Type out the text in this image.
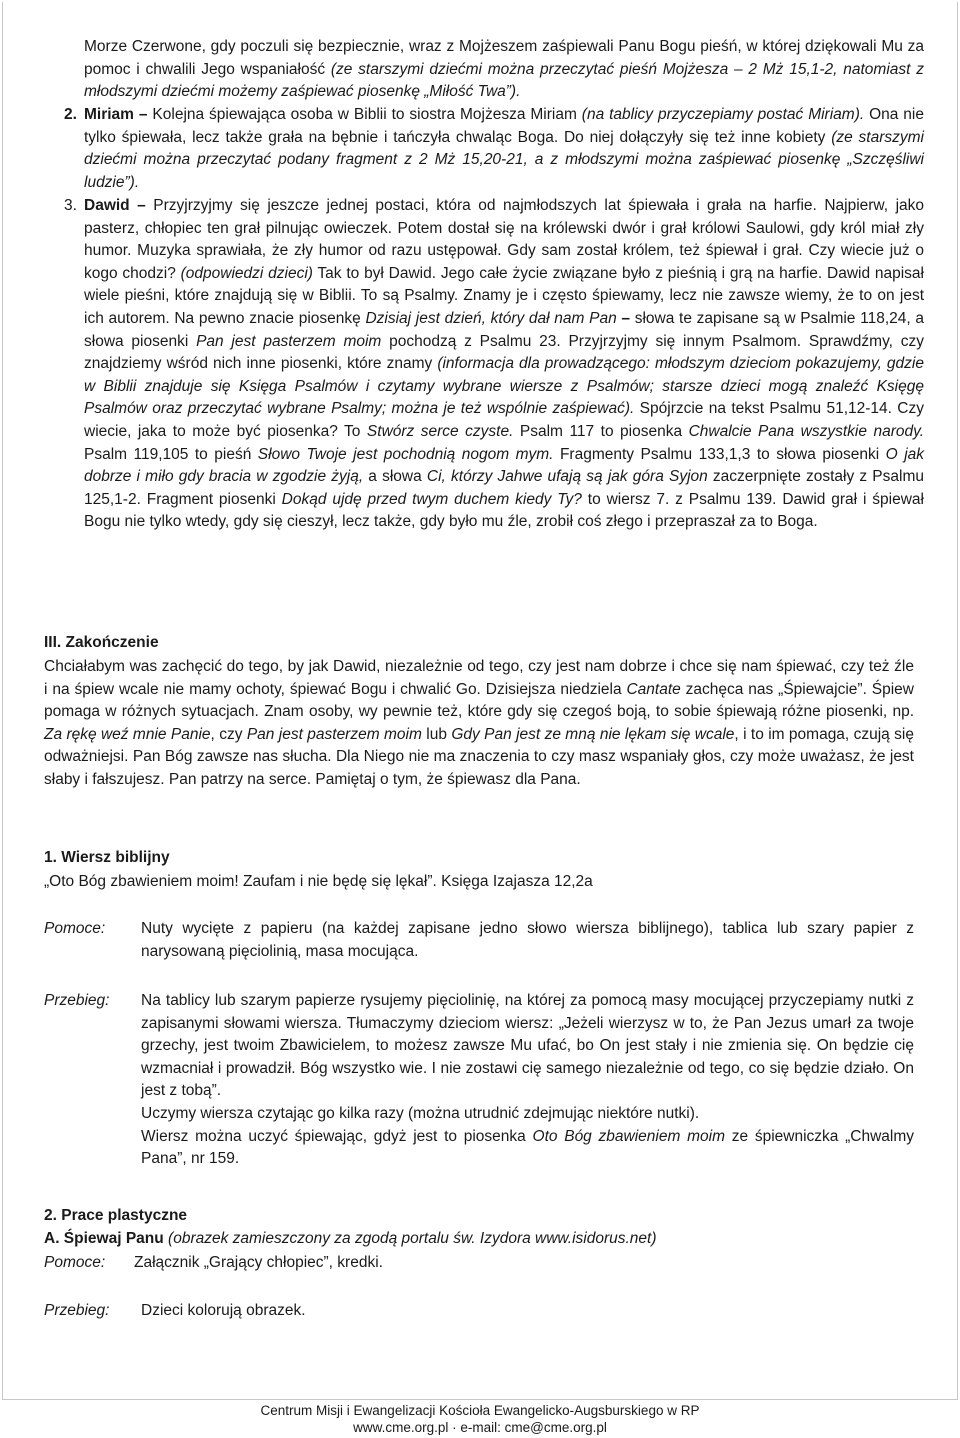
Morze Czerwone, gdy poczuli się bezpiecznie, wraz z Mojżeszem zaśpiewali Panu Bogu pieśń, w której dziękowali Mu za pomoc i chwalili Jego wspaniałość (ze starszymi dziećmi można przeczytać pieśń Mojżesza – 2 Mż 15,1-2, natomiast z młodszymi dziećmi możemy zaśpiewać piosenkę „Miłość Twa”).

2. Miriam – Kolejna śpiewająca osoba w Biblii to siostra Mojżesza Miriam (na tablicy przyczepiamy postać Miriam). Ona nie tylko śpiewała, lecz także grała na bębnie i tańczyła chwaląc Boga. Do niej dołączyły się też inne kobiety (ze starszymi dziećmi można przeczytać podany fragment z 2 Mż 15,20-21, a z młodszymi można zaśpiewać piosenkę „Szczęśliwi ludzie”).

3. Dawid – Przyjrzyjmy się jeszcze jednej postaci, która od najmłodszych lat śpiewała i grała na harfie. Najpierw, jako pasterz, chłopiec ten grał pilnując owieczek. Potem dostał się na królewski dwór i grał królowi Saulowi, gdy król miał zły humor. Muzyka sprawiała, że zły humor od razu ustępował. Gdy sam został królem, też śpiewał i grał. Czy wiecie już o kogo chodzi? (odpowiedzi dzieci) Tak to był Dawid. Jego całe życie związane było z pieśnią i grą na harfie. Dawid napisał wiele pieśni, które znajdują się w Biblii. To są Psalmy. Znamy je i często śpiewamy, lecz nie zawsze wiemy, że to on jest ich autorem. Na pewno znacie piosenkę Dzisiaj jest dzień, który dał nam Pan – słowa te zapisane są w Psalmie 118,24, a słowa piosenki Pan jest pasterzem moim pochodzą z Psalmu 23. Przyjrzyjmy się innym Psalmom. Sprawdźmy, czy znajdziemy wśród nich inne piosenki, które znamy (informacja dla prowadzącego: młodszym dzieciom pokazujemy, gdzie w Biblii znajduje się Księga Psalmów i czytamy wybrane wiersze z Psalmów; starsze dzieci mogą znaleźć Księgę Psalmów oraz przeczytać wybrane Psalmy; można je też wspólnie zaśpiewać). Spójrzcie na tekst Psalmu 51,12-14. Czy wiecie, jaka to może być piosenka? To Stwórz serce czyste. Psalm 117 to piosenka Chwalcie Pana wszystkie narody. Psalm 119,105 to pieśń Słowo Twoje jest pochodnią nogom mym. Fragmenty Psalmu 133,1,3 to słowa piosenki O jak dobrze i miło gdy bracia w zgodzie żyją, a słowa Ci, którzy Jahwe ufają są jak góra Syjon zaczerpnięte zostały z Psalmu 125,1-2. Fragment piosenki Dokąd ujdę przed twym duchem kiedy Ty? to wiersz 7. z Psalmu 139. Dawid grał i śpiewał Bogu nie tylko wtedy, gdy się cieszył, lecz także, gdy było mu źle, zrobił coś złego i przepraszał za to Boga.

III. Zakończenie

Chciałabym was zachęcić do tego, by jak Dawid, niezależnie od tego, czy jest nam dobrze i chce się nam śpiewać, czy też źle i na śpiew wcale nie mamy ochoty, śpiewać Bogu i chwalić Go. Dzisiejsza niedziela Cantate zachęca nas „Śpiewajcie”. Śpiew pomaga w różnych sytuacjach. Znam osoby, wy pewnie też, które gdy się czegoś boją, to sobie śpiewają różne piosenki, np. Za rękę weź mnie Panie, czy Pan jest pasterzem moim lub Gdy Pan jest ze mną nie lękam się wcale, i to im pomaga, czują się odważniejsi. Pan Bóg zawsze nas słucha. Dla Niego nie ma znaczenia to czy masz wspaniały głos, czy może uważasz, że jest słaby i fałszujesz. Pan patrzy na serce. Pamiętaj o tym, że śpiewasz dla Pana.

1. Wiersz biblijny
„Oto Bóg zbawieniem moim! Zaufam i nie będę się lękał”. Księga Izajasza 12,2a
Pomoce: Nuty wycięte z papieru (na każdej zapisane jedno słowo wiersza biblijnego), tablica lub szary papier z narysowaną pięciolinią, masa mocująca.
Przebieg: Na tablicy lub szarym papierze rysujemy pięciolinię, na której za pomocą masy mocującej przyczepiamy nutki z zapisanymi słowami wiersza. Tłumaczymy dzieciom wiersz: „Jeżeli wierzysz w to, że Pan Jezus umarł za twoje grzechy, jest twoim Zbawicielem, to możesz zawsze Mu ufać, bo On jest stały i nie zmienia się. On będzie cię wzmacniał i prowadził. Bóg wszystko wie. I nie zostawi cię samego niezależnie od tego, co się będzie działo. On jest z tobą”.

Uczymy wiersza czytając go kilka razy (można utrudnić zdejmując niektóre nutki).

Wiersz można uczyć śpiewając, gdyż jest to piosenka Oto Bóg zbawieniem moim ze śpiewniczka „Chwalmy Pana”, nr 159.

2. Prace plastyczne
A. Śpiewaj Panu (obrazek zamieszczony za zgodą portalu św. Izydora www.isidorus.net)
Pomoce: Załącznik „Grający chłopiec”, kredki.
Przebieg: Dzieci kolorują obrazek.
Centrum Misji i Ewangelizacji Kościoła Ewangelicko-Augsburskiego w RP
www.cme.org.pl · e-mail: cme@cme.org.pl
